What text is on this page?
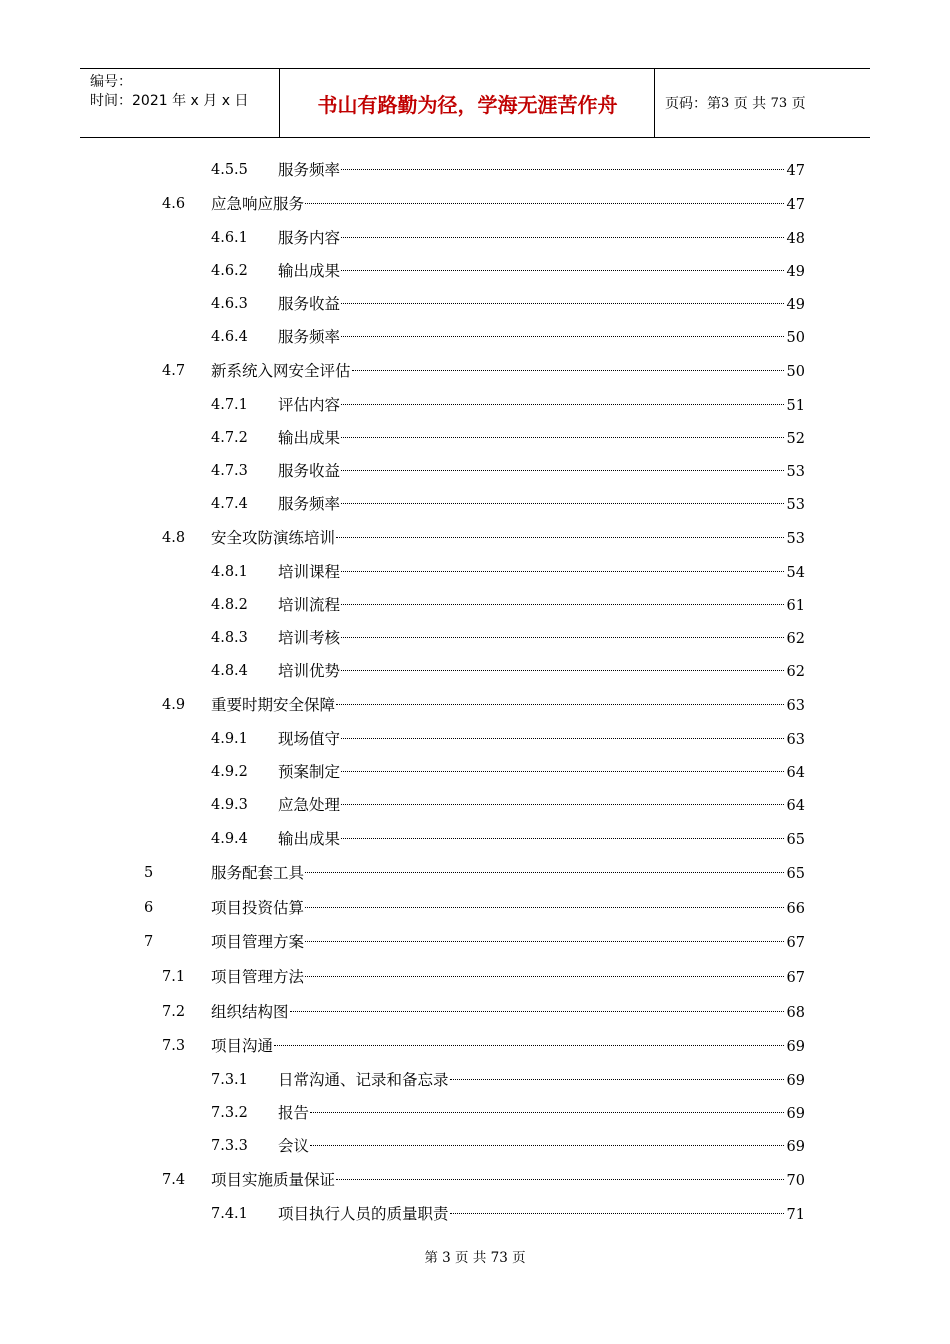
编号：
时间：2021 年 x 月 x 日	书山有路勤为径，学海无涯苦作舟	页码：第 3
页 共
73
页
4.5.5 服务频率	47
4.6 应急响应服务	47
4.6.1 服务内容	48
4.6.2 输出成果	49
4.6.3 服务收益	49
4.6.4 服务频率	50
4.7 新系统入网安全评估	50
4.7.1 评估内容	51
4.7.2 输出成果	52
4.7.3 服务收益	53
4.7.4 服务频率	53
4.8 安全攻防演练培训	53
4.8.1 培训课程	54
4.8.2 培训流程	61
4.8.3 培训考核	62
4.8.4 培训优势	62
4.9 重要时期安全保障	63
4.9.1 现场值守	63
4.9.2 预案制定	64
4.9.3 应急处理	64
4.9.4 输出成果	65
5	服务配套工具	65
6	项目投资估算	66
7	项目管理方案	67
7.1 项目管理方法	67
7.2 组织结构图	68
7.3 项目沟通	69
7.3.1 日常沟通、记录和备忘录	69
7.3.2 报告	69
7.3.3 会议	69
7.4 项目实施质量保证	70
7.4.1 项目执行人员的质量职责	71
第 3 页 共 73 页
